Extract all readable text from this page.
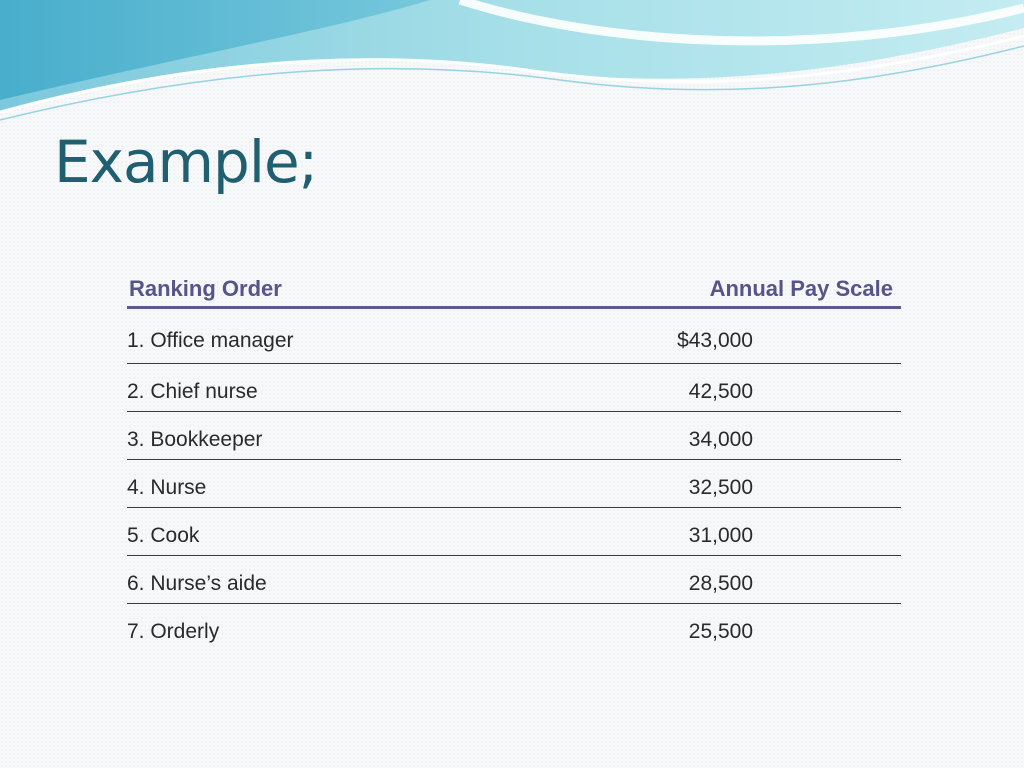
Example;
Ranking Order	Annual Pay Scale
1. Office manager	$43,000
2. Chief nurse	42,500
3. Bookkeeper	34,000
4. Nurse	32,500
5. Cook	31,000
6. Nurse’s aide	28,500
7. Orderly	25,500
